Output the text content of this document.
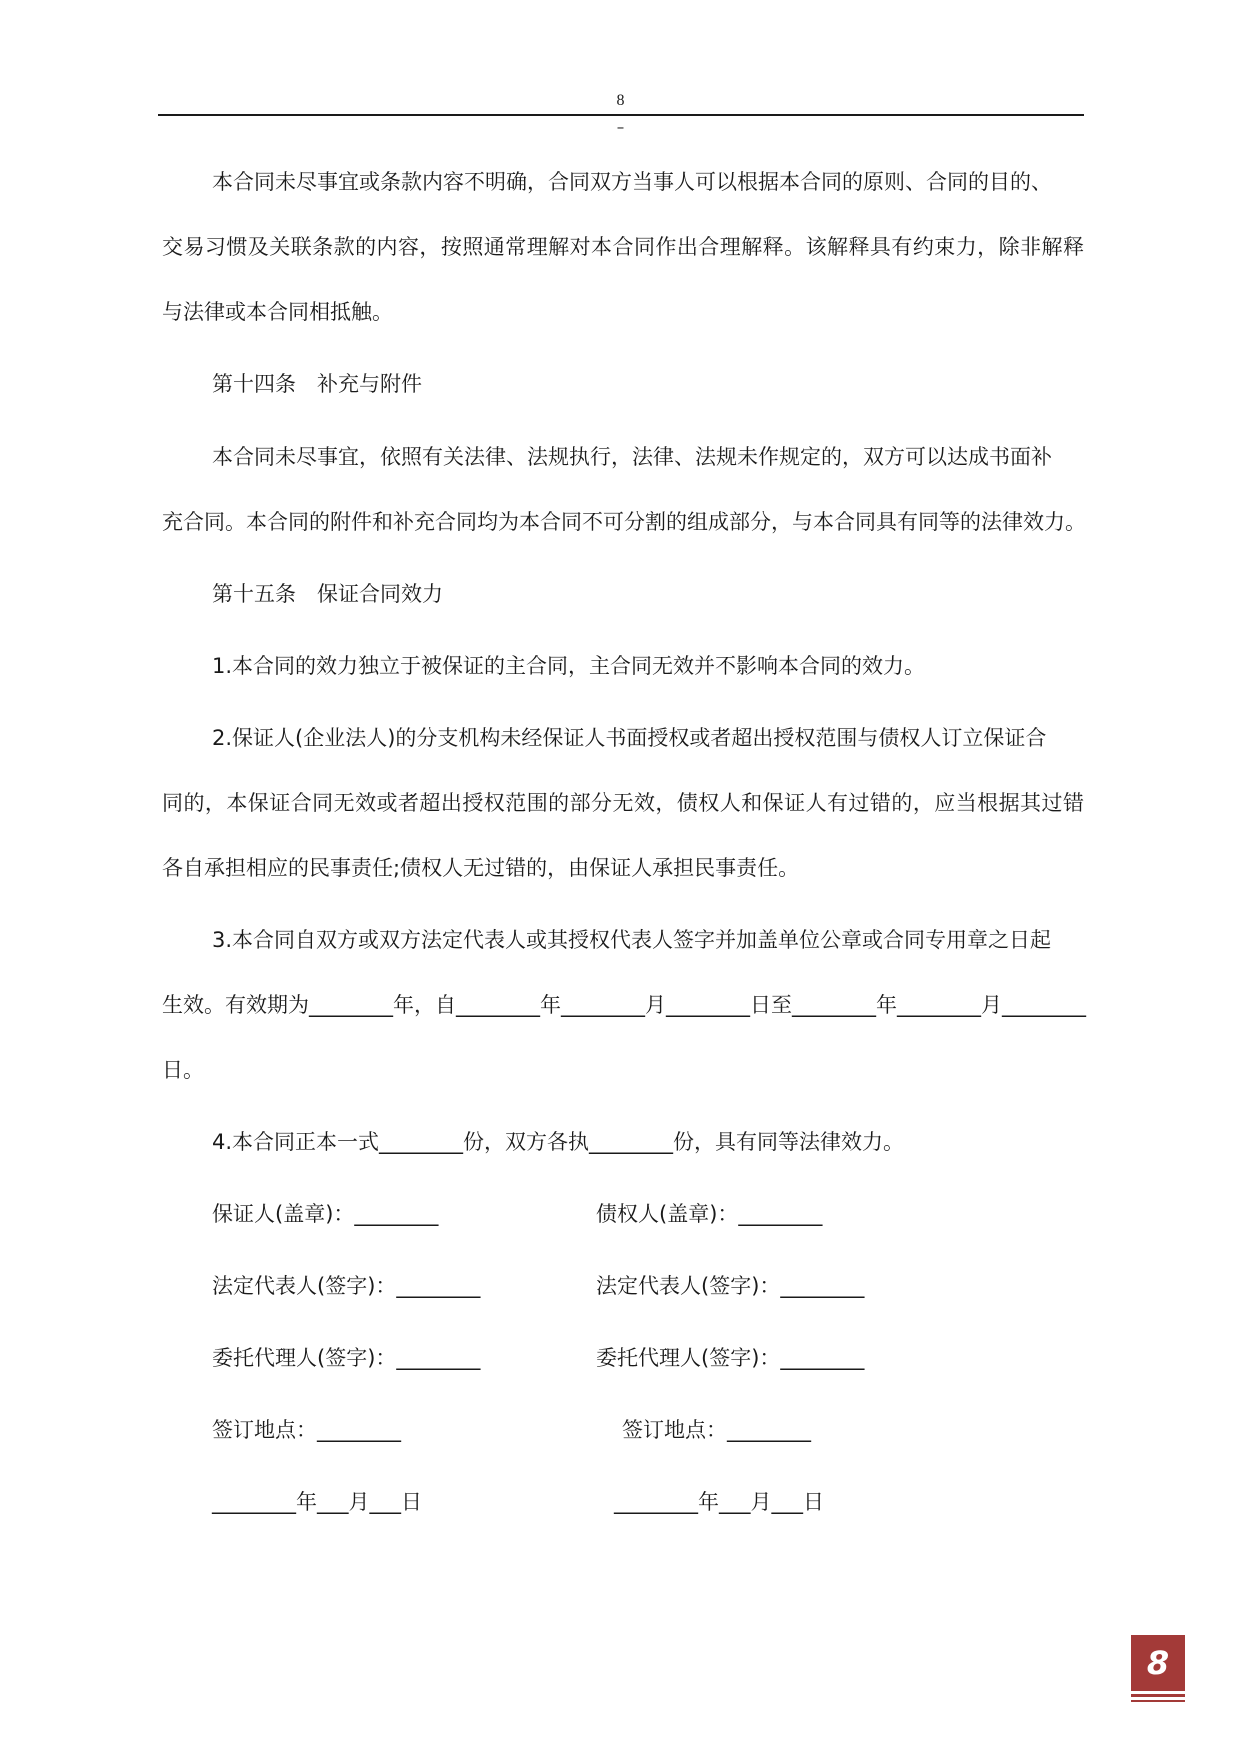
8
–
本合同未尽事宜或条款内容不明确，合同双方当事人可以根据本合同的原则、合同的目的、
交易习惯及关联条款的内容，按照通常理解对本合同作出合理解释。该解释具有约束力，除非解释
与法律或本合同相抵触。
第十四条　补充与附件
本合同未尽事宜，依照有关法律、法规执行，法律、法规未作规定的，双方可以达成书面补
充合同。本合同的附件和补充合同均为本合同不可分割的组成部分，与本合同具有同等的法律效力。
第十五条　保证合同效力
1.本合同的效力独立于被保证的主合同，主合同无效并不影响本合同的效力。
2.保证人(企业法人)的分支机构未经保证人书面授权或者超出授权范围与债权人订立保证合
同的，本保证合同无效或者超出授权范围的部分无效，债权人和保证人有过错的，应当根据其过错
各自承担相应的民事责任;债权人无过错的，由保证人承担民事责任。
3.本合同自双方或双方法定代表人或其授权代表人签字并加盖单位公章或合同专用章之日起
生效。有效期为________年，自________年________月________日至________年________月________
日。
4.本合同正本一式________份，双方各执________份，具有同等法律效力。
保证人(盖章)：________
法定代表人(签字)：________
委托代理人(签字)：________
签订地点：________
________年___月___日
债权人(盖章)：________
法定代表人(签字)：________
委托代理人(签字)：________
签订地点：________
________年___月___日
8
